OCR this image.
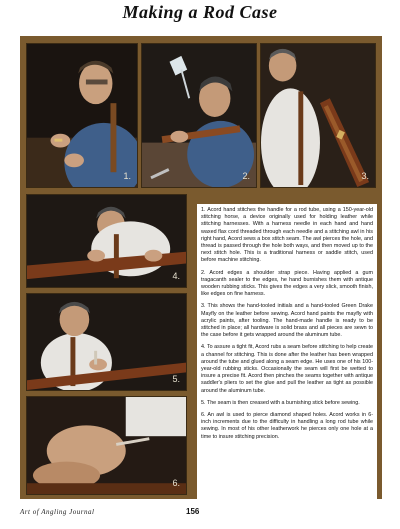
Making a Rod Case
1.	2.	3.
4.
5.
6.

1. Acord hand stitches the handle for a rod tube, using a 150-year-old stitching horse, a device originally used for holding leather while stitching harnesses. With a harness needle in each hand and hand waxed flax cord threaded through each needle and a stitching awl in his right hand, Acord sews a box stitch seam. The awl pierces the hole, and thread is passed through the hole both ways, and then moved up to the next stitch hole. This is a traditional harness or saddle stitch, used before machine stitching.

2. Acord edges a shoulder strap piece. Having applied a gum tragacanth sealer to the edges, he hand burnishes them with antique wooden rubbing sticks. This gives the edges a very slick, smooth finish, like edges on fine harness.

3. This shows the hand-tooled initials and a hand-tooled Green Drake Mayfly on the leather before sewing. Acord hand paints the mayfly with acrylic paints, after tooling. The hand-made handle is ready to be stitched in place; all hardware is solid brass and all pieces are sewn to the case before it gets wrapped around the aluminum tube.

4. To assure a tight fit, Acord rubs a seam before stitching to help create a channel for stitching. This is done after the leather has been wrapped around the tube and glued along a seam edge. He uses one of his 100-year-old rubbing sticks. Occasionally the seam will first be wetted to insure a precise fit. Acord then pinches the seams together with antique saddler's pliers to set the glue and pull the leather as tight as possible around the aluminum tube.

5. The seam is then creased with a burnishing stick before sewing.

6. An awl is used to pierce diamond shaped holes. Acord works in 6-inch increments due to the difficulty in handling a long rod tube while sewing. In most of his other leatherwork he pierces only one hole at a time to insure stitching precision.

Art of Angling Journal	156
